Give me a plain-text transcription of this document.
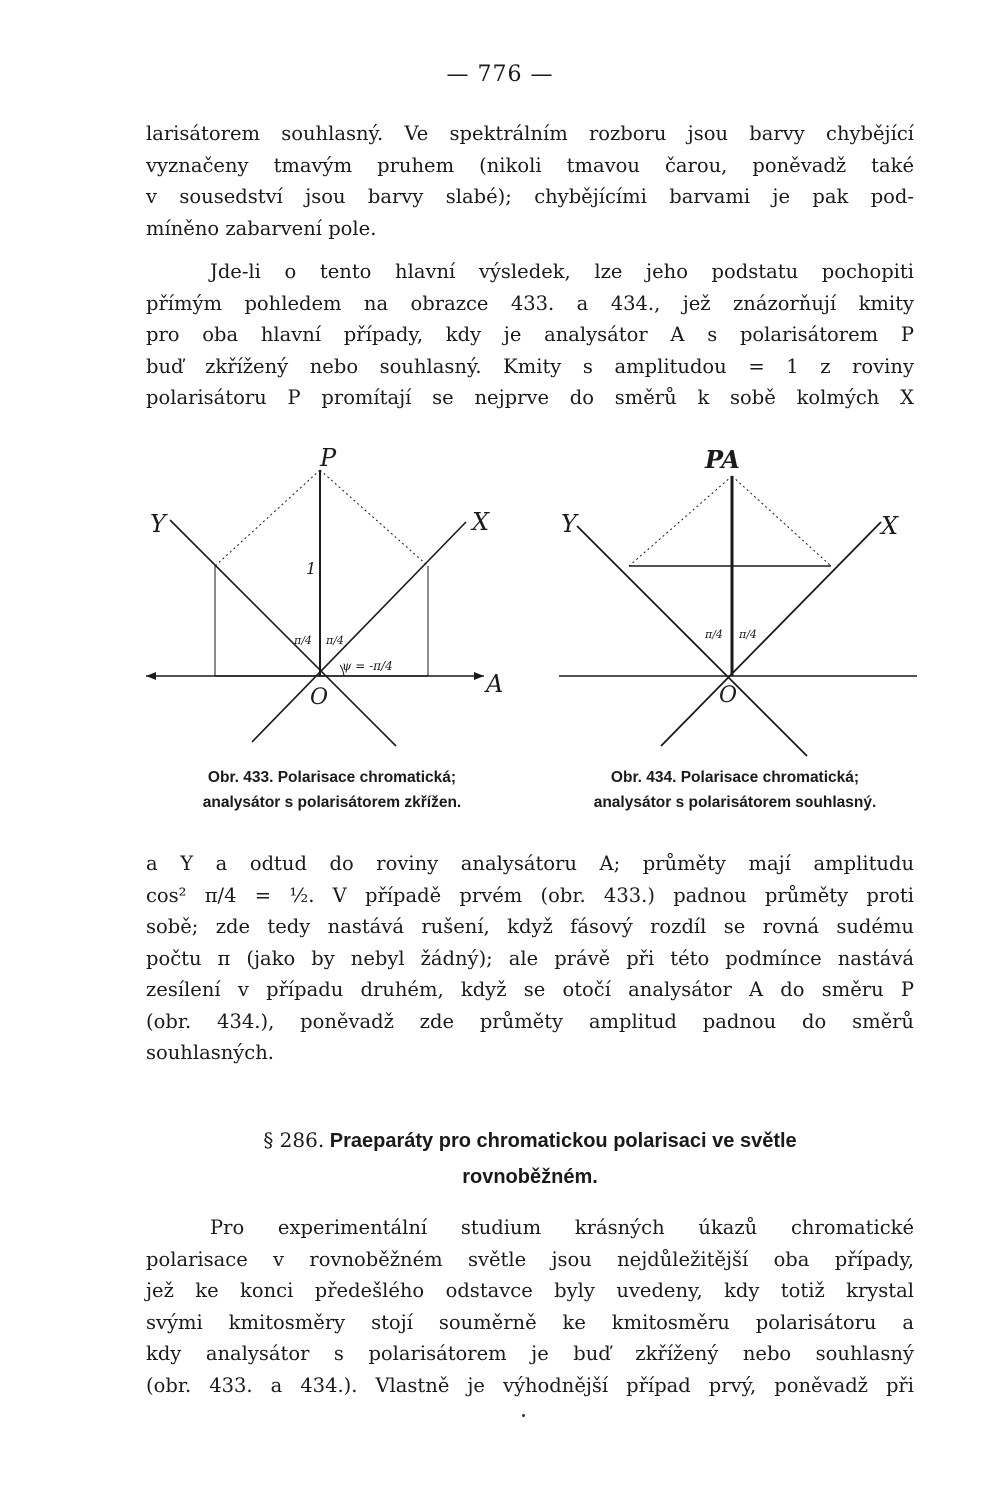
— 776 —
larisátorem souhlasný. Ve spektrálním rozboru jsou barvy chybějící
vyznačeny tmavým pruhem (nikoli tmavou čarou, poněvadž také
v sousedství jsou barvy slabé); chybějícími barvami je pak pod-
míněno zabarvení pole.
Jde-li o tento hlavní výsledek, lze jeho podstatu pochopiti
přímým pohledem na obrazce 433. a 434., jež znázorňují kmity
pro oba hlavní případy, kdy je analysátor A s polarisátorem P
buď zkřížený nebo souhlasný. Kmity s amplitudou = 1 z roviny
polarisátoru P promítají se nejprve do směrů k sobě kolmých X
P
Y	X
A
O
1
π/4 π/4
ψ = -π/4
Obr. 433. Polarisace chromatická;
analysátor s polarisátorem zkřížen.
PA
Y	X
O
π/4 π/4
Obr. 434. Polarisace chromatická;
analysátor s polarisátorem souhlasný.
a Y a odtud do roviny analysátoru A; průměty mají amplitudu
cos² π/4 = ½. V případě prvém (obr. 433.) padnou průměty proti
sobě; zde tedy nastává rušení, když fásový rozdíl se rovná sudému
počtu π (jako by nebyl žádný); ale právě při této podmínce nastává
zesílení v případu druhém, když se otočí analysátor A do směru P
(obr. 434.), poněvadž zde průměty amplitud padnou do směrů
souhlasných.
§ 286. Praeparáty pro chromatickou polarisaci ve světle
rovnoběžném.
Pro experimentální studium krásných úkazů chromatické
polarisace v rovnoběžném světle jsou nejdůležitější oba případy,
jež ke konci předešlého odstavce byly uvedeny, kdy totiž krystal
svými kmitosměry stojí souměrně ke kmitosměru polarisátoru a
kdy analysátor s polarisátorem je buď zkřížený nebo souhlasný
(obr. 433. a 434.). Vlastně je výhodnější případ prvý, poněvadž při
